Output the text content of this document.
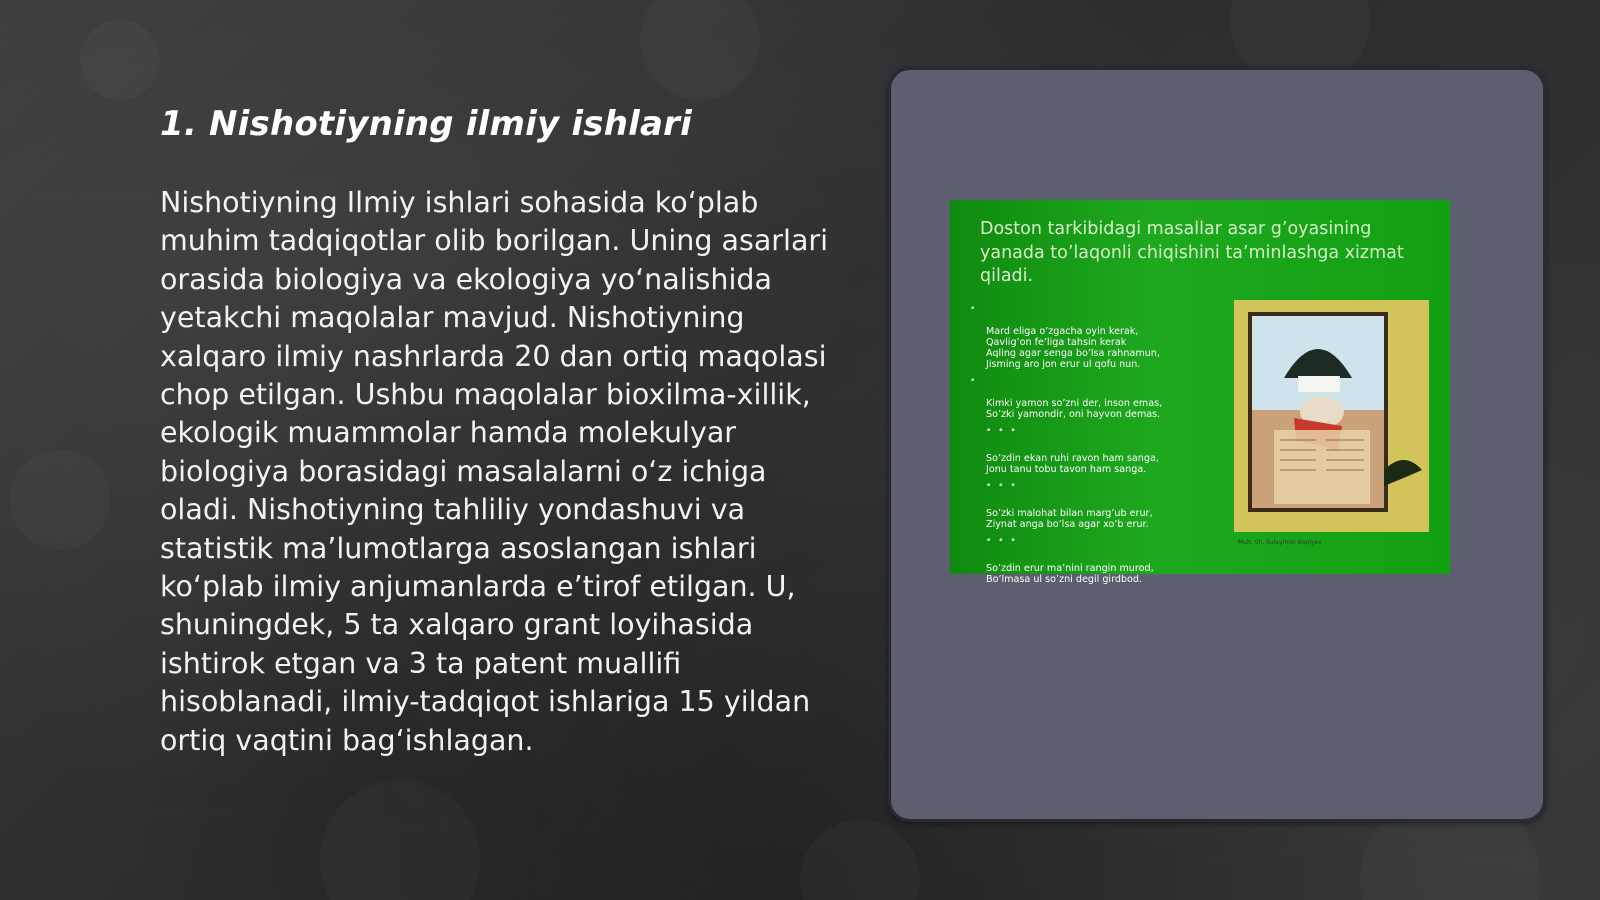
1. Nishotiyning ilmiy ishlari

Nishotiyning Ilmiy ishlari sohasida ko‘plab muhim tadqiqotlar olib borilgan. Uning asarlari orasida biologiya va ekologiya yo‘nalishida yetakchi maqolalar mavjud. Nishotiyning xalqaro ilmiy nashrlarda 20 dan ortiq maqolasi chop etilgan. Ushbu maqolalar bioxilma-xillik, ekologik muammolar hamda molekulyar biologiya borasidagi masalalarni o‘z ichiga oladi. Nishotiyning tahliliy yondashuvi va statistik ma’lumotlarga asoslangan ishlari ko‘plab ilmiy anjumanlarda e’tirof etilgan. U, shuningdek, 5 ta xalqaro grant loyihasida ishtirok etgan va 3 ta patent muallifi hisoblanadi, ilmiy-tadqiqot ishlariga 15 yildan ortiq vaqtini bag‘ishlagan.

Doston tarkibidagi masallar asar g’oyasining yanada to’laqonli chiqishini ta’minlashga xizmat qiladi.

•

Mard eliga o’zgacha oyin kerak,
Qavlig’on fe’liga tahsin kerak
Aqling agar senga bo’lsa rahnamun,
Jisming aro jon erur ul qofu nun.

•

Kimki yamon so’zni der, inson emas,
So’zki yamondir, oni hayvon demas.

• • •

So’zdin ekan ruhi ravon ham sanga,
Jonu tanu tobu tavon ham sanga.

• • •

So’zki malohat bilan marg’ub erur,
Ziynat anga bo’lsa agar xo’b erur.

• • •

So’zdin erur ma’nini rangin murod,
Bo’lmasa ul so’zni degil girdbod.

Muh. Sh. Sulaymon Boqiyev
